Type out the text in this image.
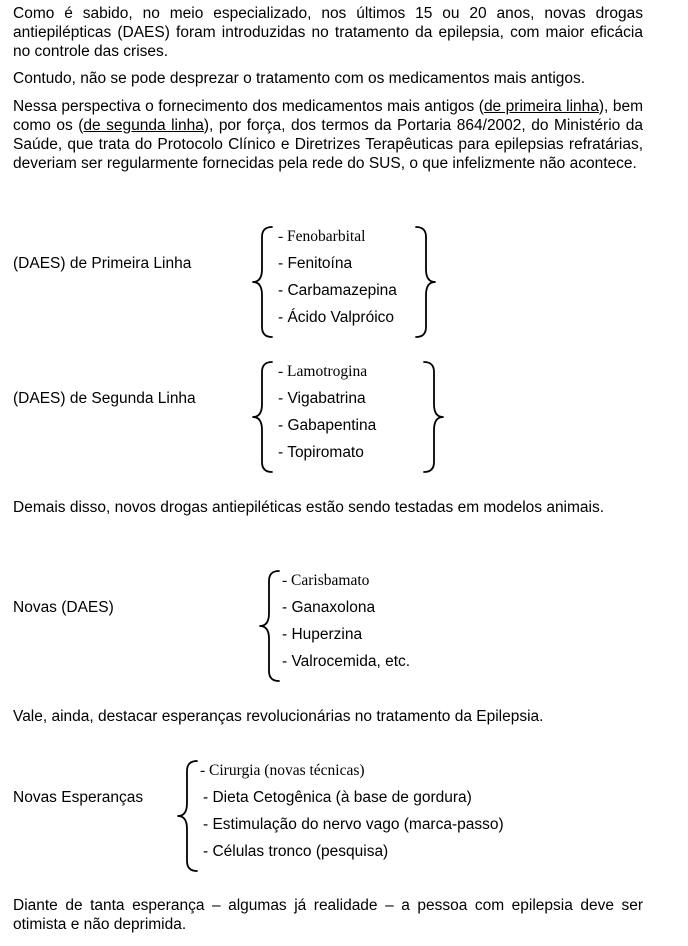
Como é sabido, no meio especializado, nos últimos 15 ou 20 anos, novas drogas antiepilépticas (DAES) foram introduzidas no tratamento da epilepsia, com maior eficácia no controle das crises.

Contudo, não se pode desprezar o tratamento com os medicamentos mais antigos.

Nessa perspectiva o fornecimento dos medicamentos mais antigos (de primeira linha), bem como os (de segunda linha), por força, dos termos da Portaria 864/2002, do Ministério da Saúde, que trata do Protocolo Clínico e Diretrizes Terapêuticas para epilepsias refratárias, deveriam ser regularmente fornecidas pela rede do SUS, o que infelizmente não acontece.

(DAES) de Primeira Linha
- Fenobarbital
- Fenitoína
- Carbamazepina
- Ácido Valpróico
(DAES) de Segunda Linha
- Lamotrogina
- Vigabatrina
- Gabapentina
- Topiromato

Demais disso, novos drogas antiepiléticas estão sendo testadas em modelos animais.

Novas (DAES)
- Carisbamato
- Ganaxolona
- Huperzina
- Valrocemida, etc.

Vale, ainda, destacar esperanças revolucionárias no tratamento da Epilepsia.

Novas Esperanças
- Cirurgia (novas técnicas)
- Dieta Cetogênica (à base de gordura)
- Estimulação do nervo vago (marca-passo)
- Células tronco (pesquisa)

Diante de tanta esperança – algumas já realidade – a pessoa com epilepsia deve ser otimista e não deprimida.
